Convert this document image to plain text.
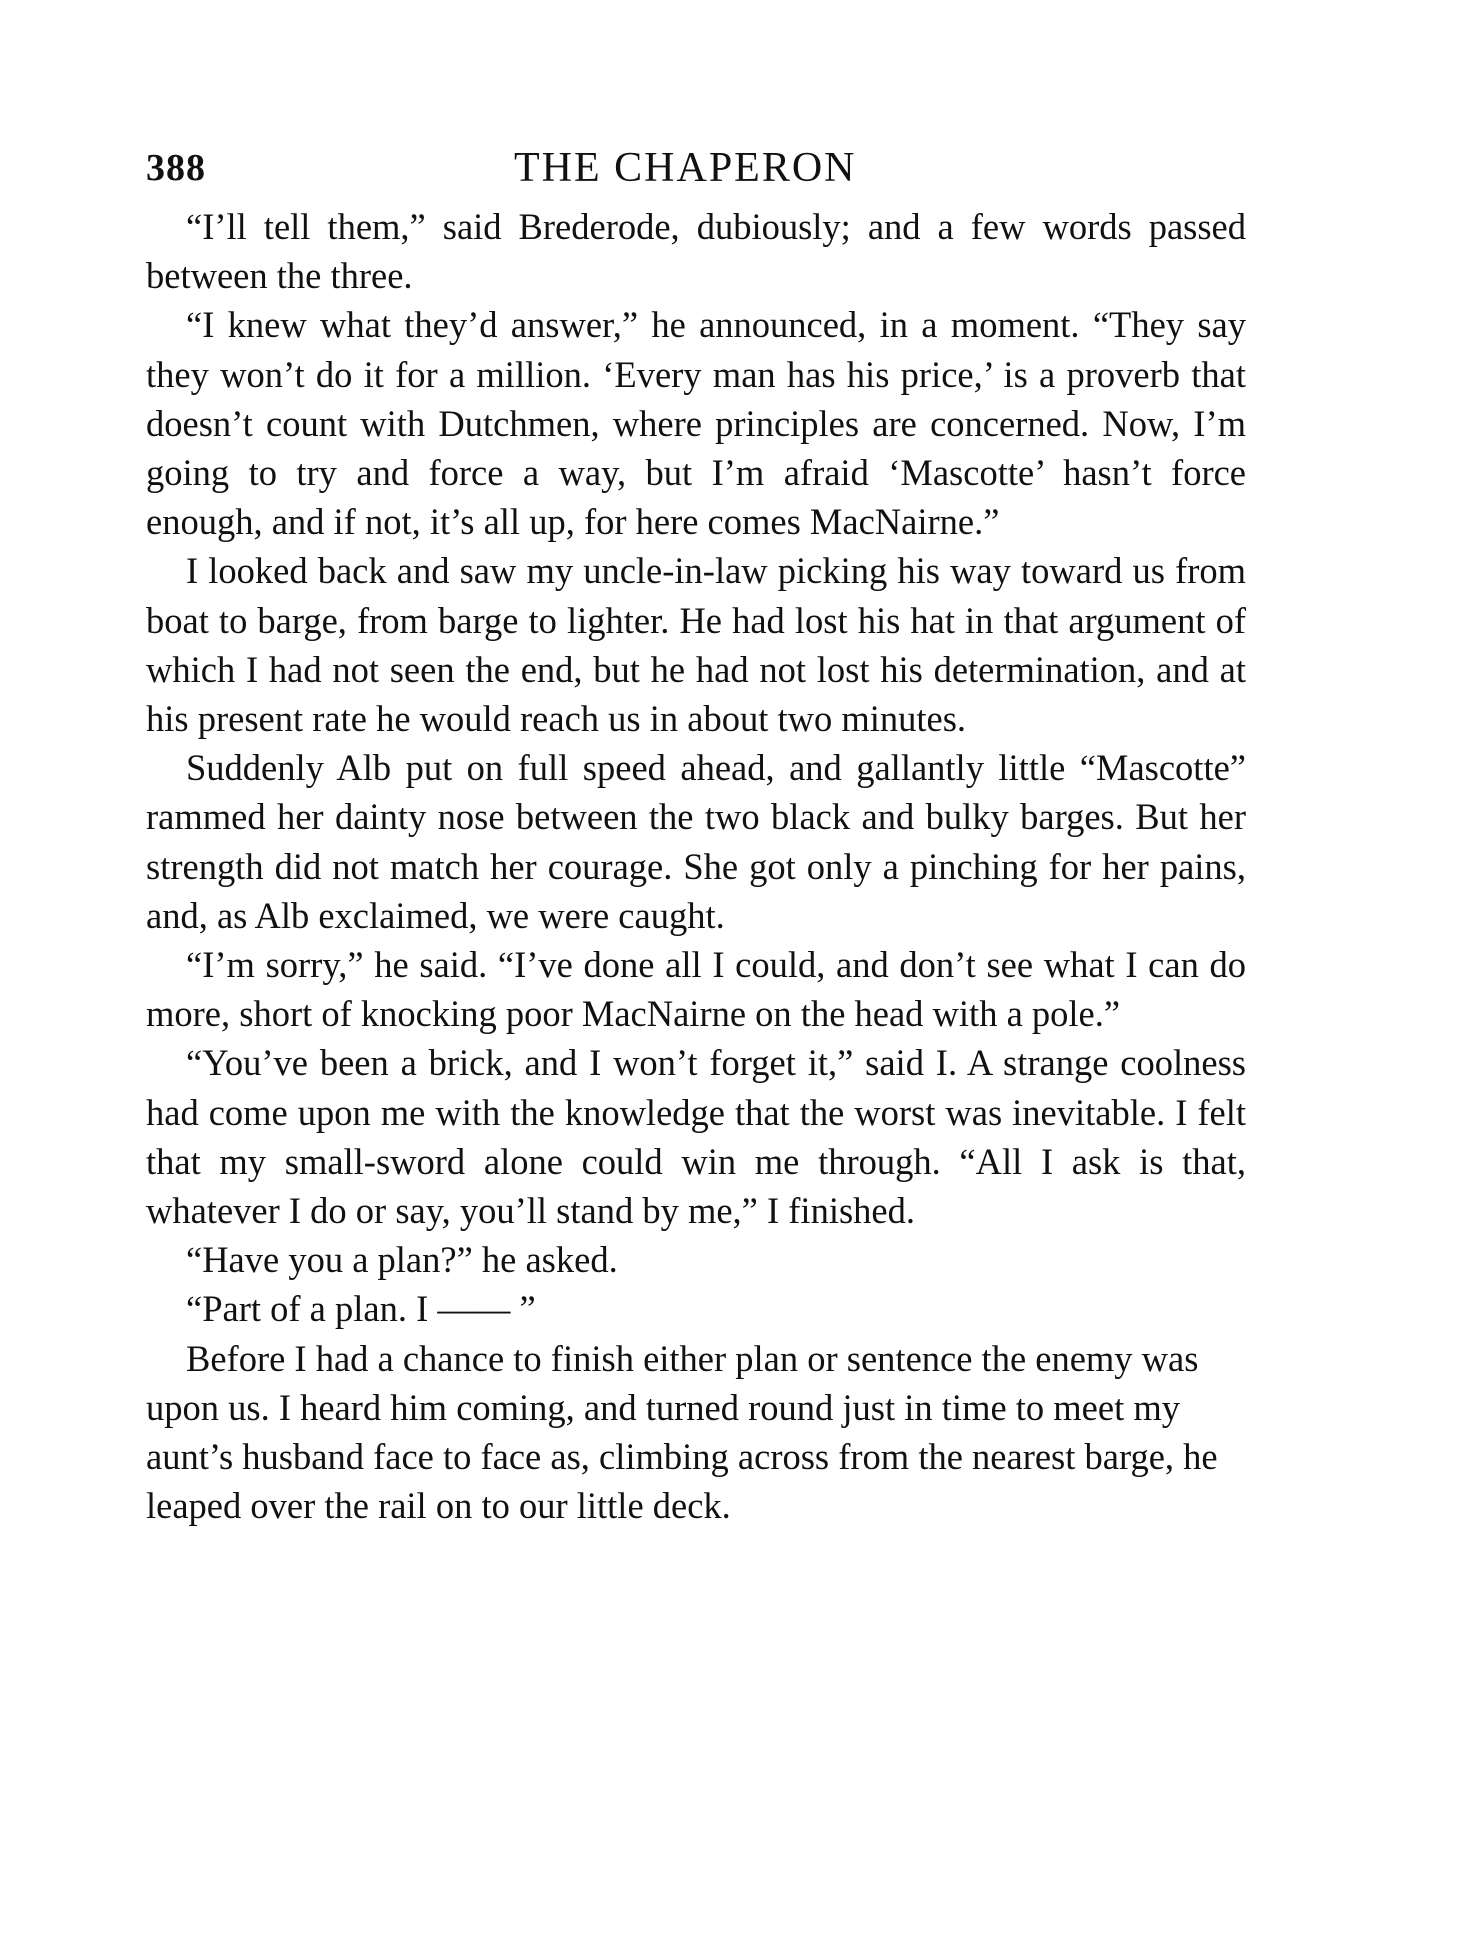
388	THE CHAPERON

“I’ll tell them,” said Brederode, dubiously; and a few words passed between the three.

“I knew what they’d answer,” he announced, in a moment. “They say they won’t do it for a million. ‘Every man has his price,’ is a proverb that doesn’t count with Dutchmen, where principles are concerned. Now, I’m going to try and force a way, but I’m afraid ‘Mascotte’ hasn’t force enough, and if not, it’s all up, for here comes MacNairne.”

I looked back and saw my uncle-in-law picking his way toward us from boat to barge, from barge to lighter. He had lost his hat in that argument of which I had not seen the end, but he had not lost his determination, and at his present rate he would reach us in about two minutes.

Suddenly Alb put on full speed ahead, and gallantly little “Mascotte” rammed her dainty nose between the two black and bulky barges. But her strength did not match her courage. She got only a pinching for her pains, and, as Alb exclaimed, we were caught.

“I’m sorry,” he said. “I’ve done all I could, and don’t see what I can do more, short of knocking poor MacNairne on the head with a pole.”

“You’ve been a brick, and I won’t forget it,” said I. A strange coolness had come upon me with the knowledge that the worst was inevitable. I felt that my small-sword alone could win me through. “All I ask is that, whatever I do or say, you’ll stand by me,” I finished.

“Have you a plan?” he asked.

“Part of a plan. I —— ”

Before I had a chance to finish either plan or sentence the enemy was upon us. I heard him coming, and turned round just in time to meet my aunt’s husband face to face as, climbing across from the nearest barge, he leaped over the rail on to our little deck.
